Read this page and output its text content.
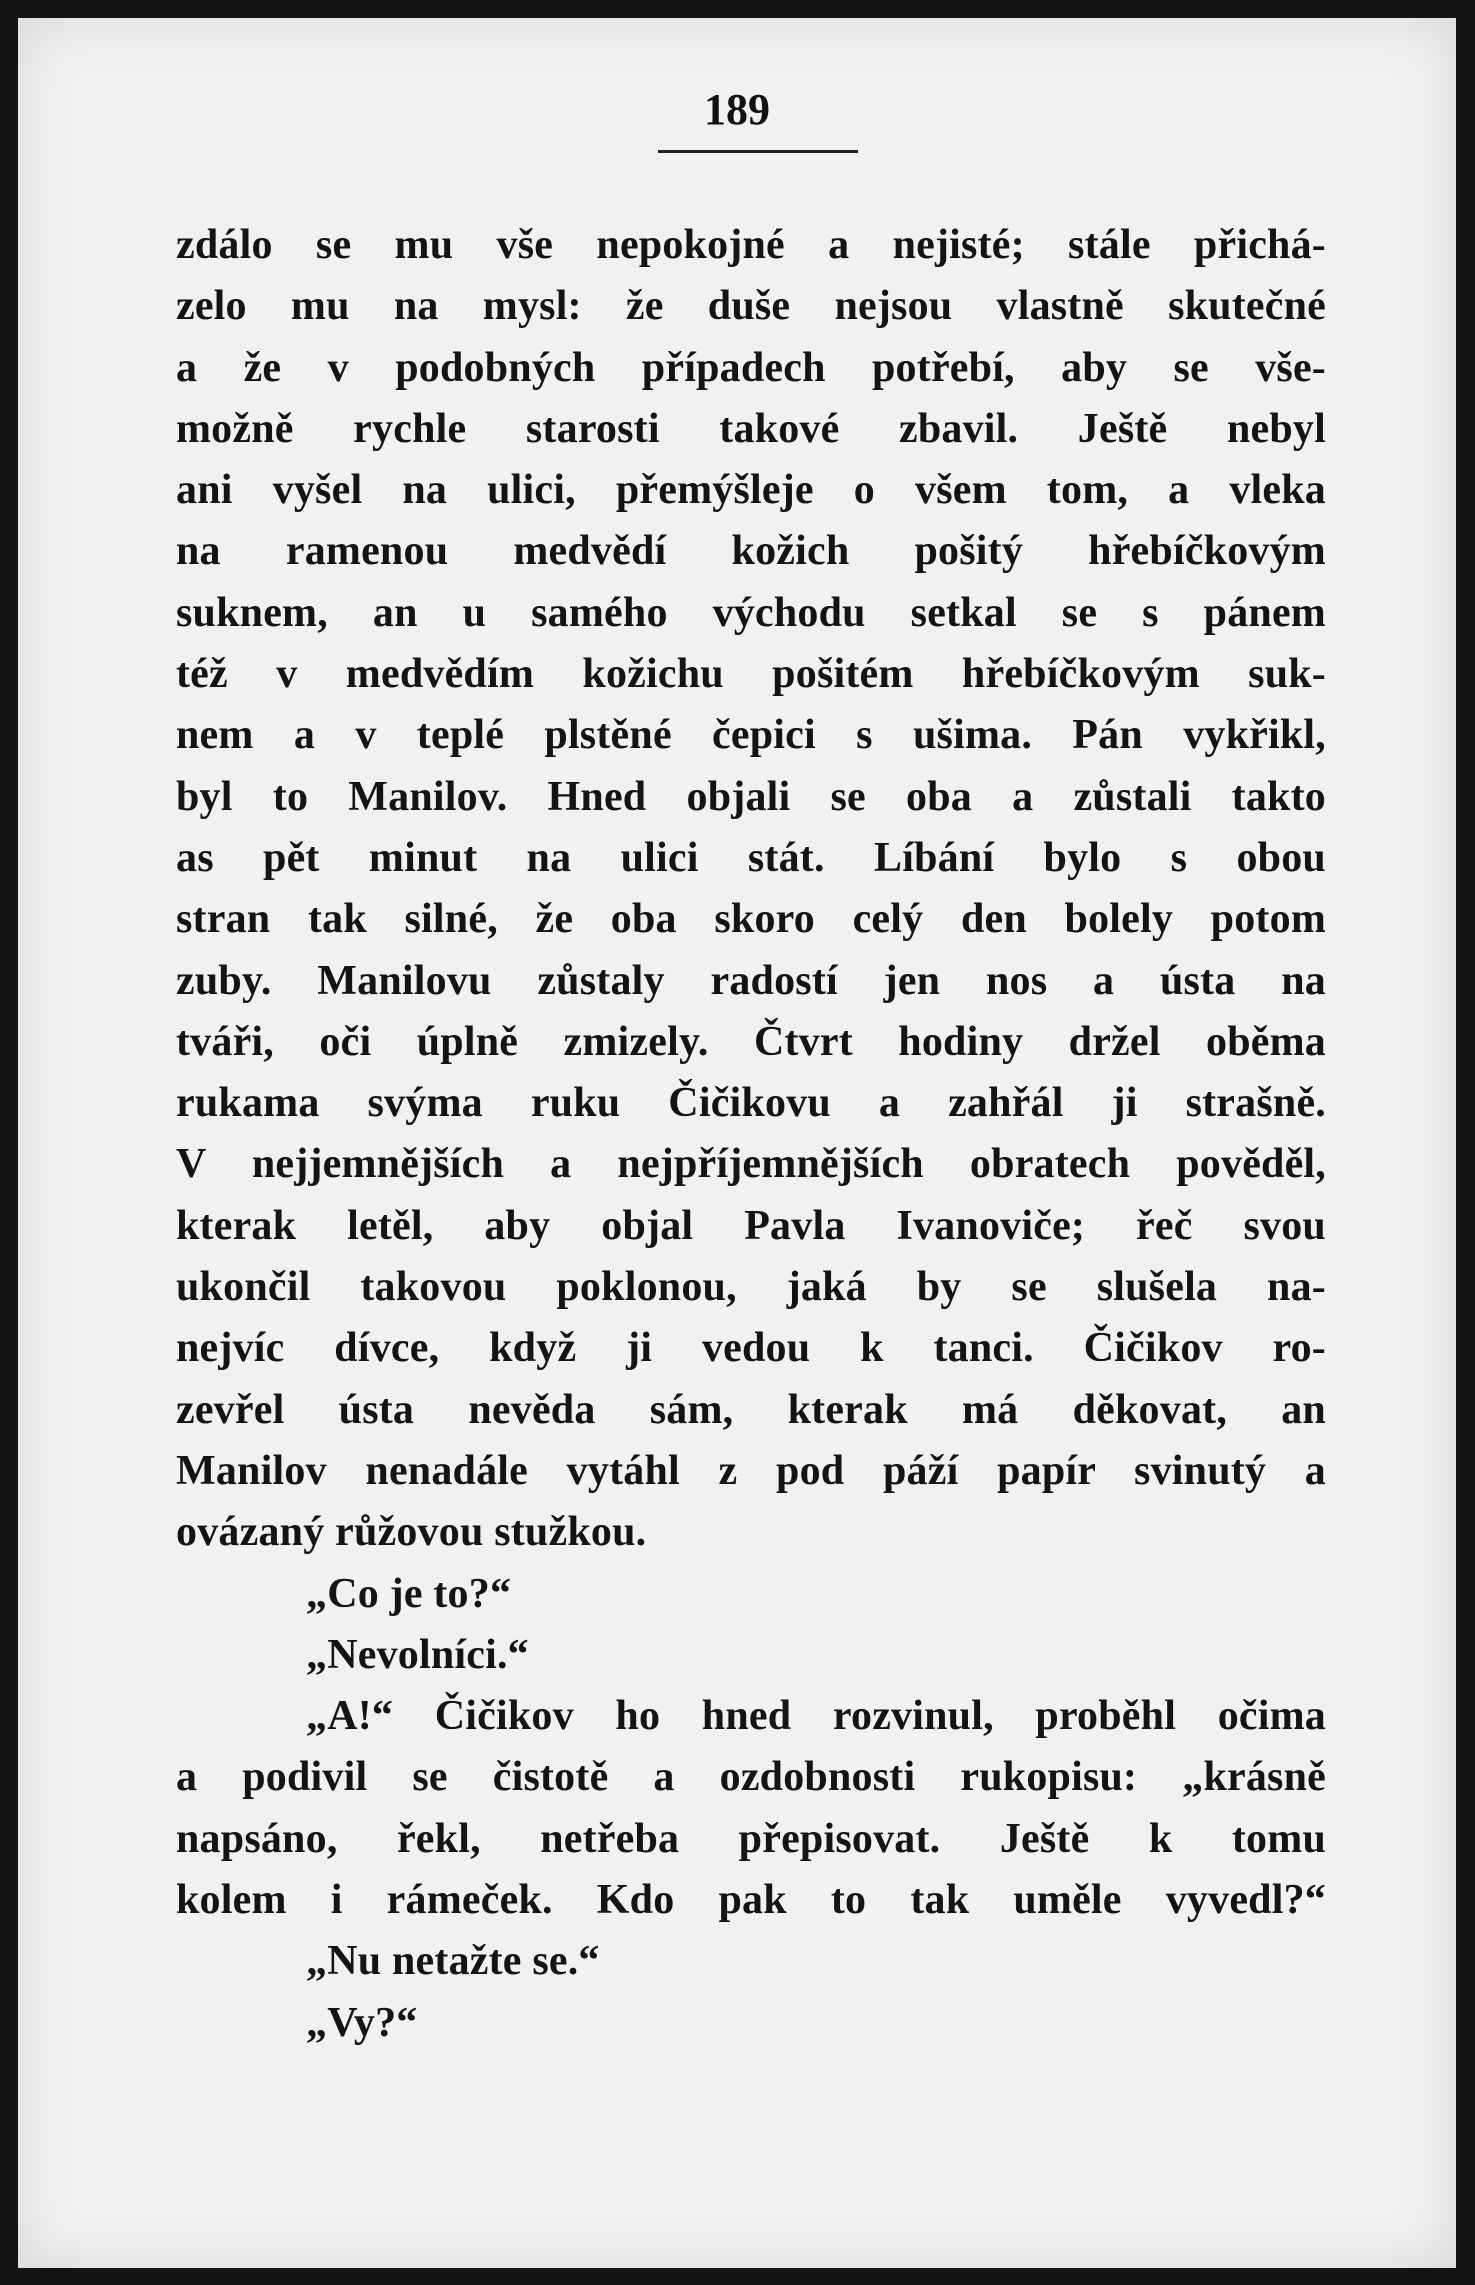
189

zdálo se mu vše nepokojné a nejisté; stále přichá-
zelo mu na mysl: že duše nejsou vlastně skutečné
a že v podobných případech potřebí, aby se vše-
možně rychle starosti takové zbavil. Ještě nebyl
ani vyšel na ulici, přemýšleje o všem tom, a vleka
na ramenou medvědí kožich pošitý hřebíčkovým
suknem, an u samého východu setkal se s pánem
též v medvědím kožichu pošitém hřebíčkovým suk-
nem a v teplé plstěné čepici s ušima. Pán vykřikl,
byl to Manilov. Hned objali se oba a zůstali takto
as pět minut na ulici stát. Líbání bylo s obou
stran tak silné, že oba skoro celý den bolely potom
zuby. Manilovu zůstaly radostí jen nos a ústa na
tváři, oči úplně zmizely. Čtvrt hodiny držel oběma
rukama svýma ruku Čičikovu a zahřál ji strašně.
V nejjemnějších a nejpříjemnějších obratech pověděl,
kterak letěl, aby objal Pavla Ivanoviče; řeč svou
ukončil takovou poklonou, jaká by se slušela na-
nejvíc dívce, když ji vedou k tanci. Čičikov ro-
zevřel ústa nevěda sám, kterak má děkovat, an
Manilov nenadále vytáhl z pod páží papír svinutý a
ovázaný růžovou stužkou.
„Co je to?“
„Nevolníci.“
„A!“ Čičikov ho hned rozvinul, proběhl očima
a podivil se čistotě a ozdobnosti rukopisu: „krásně
napsáno, řekl, netřeba přepisovat. Ještě k tomu
kolem i rámeček. Kdo pak to tak uměle vyvedl?“
„Nu netažte se.“
„Vy?“
